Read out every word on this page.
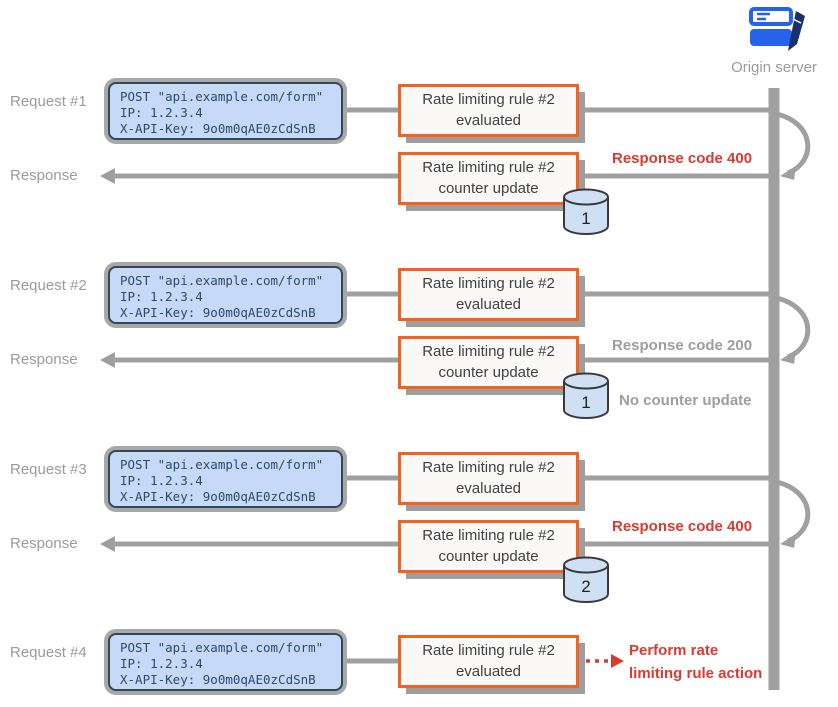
Origin server
Request #1	POST "api.example.com/form"
IP: 1.2.3.4
X-API-Key: 9o0m0qAE0zCdSnB
Rate limiting rule #2
evaluated
Response	Rate limiting rule #2
counter update
Response code 400
1
Request #2	POST "api.example.com/form"
IP: 1.2.3.4
X-API-Key: 9o0m0qAE0zCdSnB
Rate limiting rule #2
evaluated
Response	Rate limiting rule #2
counter update
Response code 200
No counter update
1
Request #3	POST "api.example.com/form"
IP: 1.2.3.4
X-API-Key: 9o0m0qAE0zCdSnB
Rate limiting rule #2
evaluated
Response	Rate limiting rule #2
counter update
Response code 400
2
Request #4	POST "api.example.com/form"
IP: 1.2.3.4
X-API-Key: 9o0m0qAE0zCdSnB
Rate limiting rule #2
evaluated
Perform rate
limiting rule action
